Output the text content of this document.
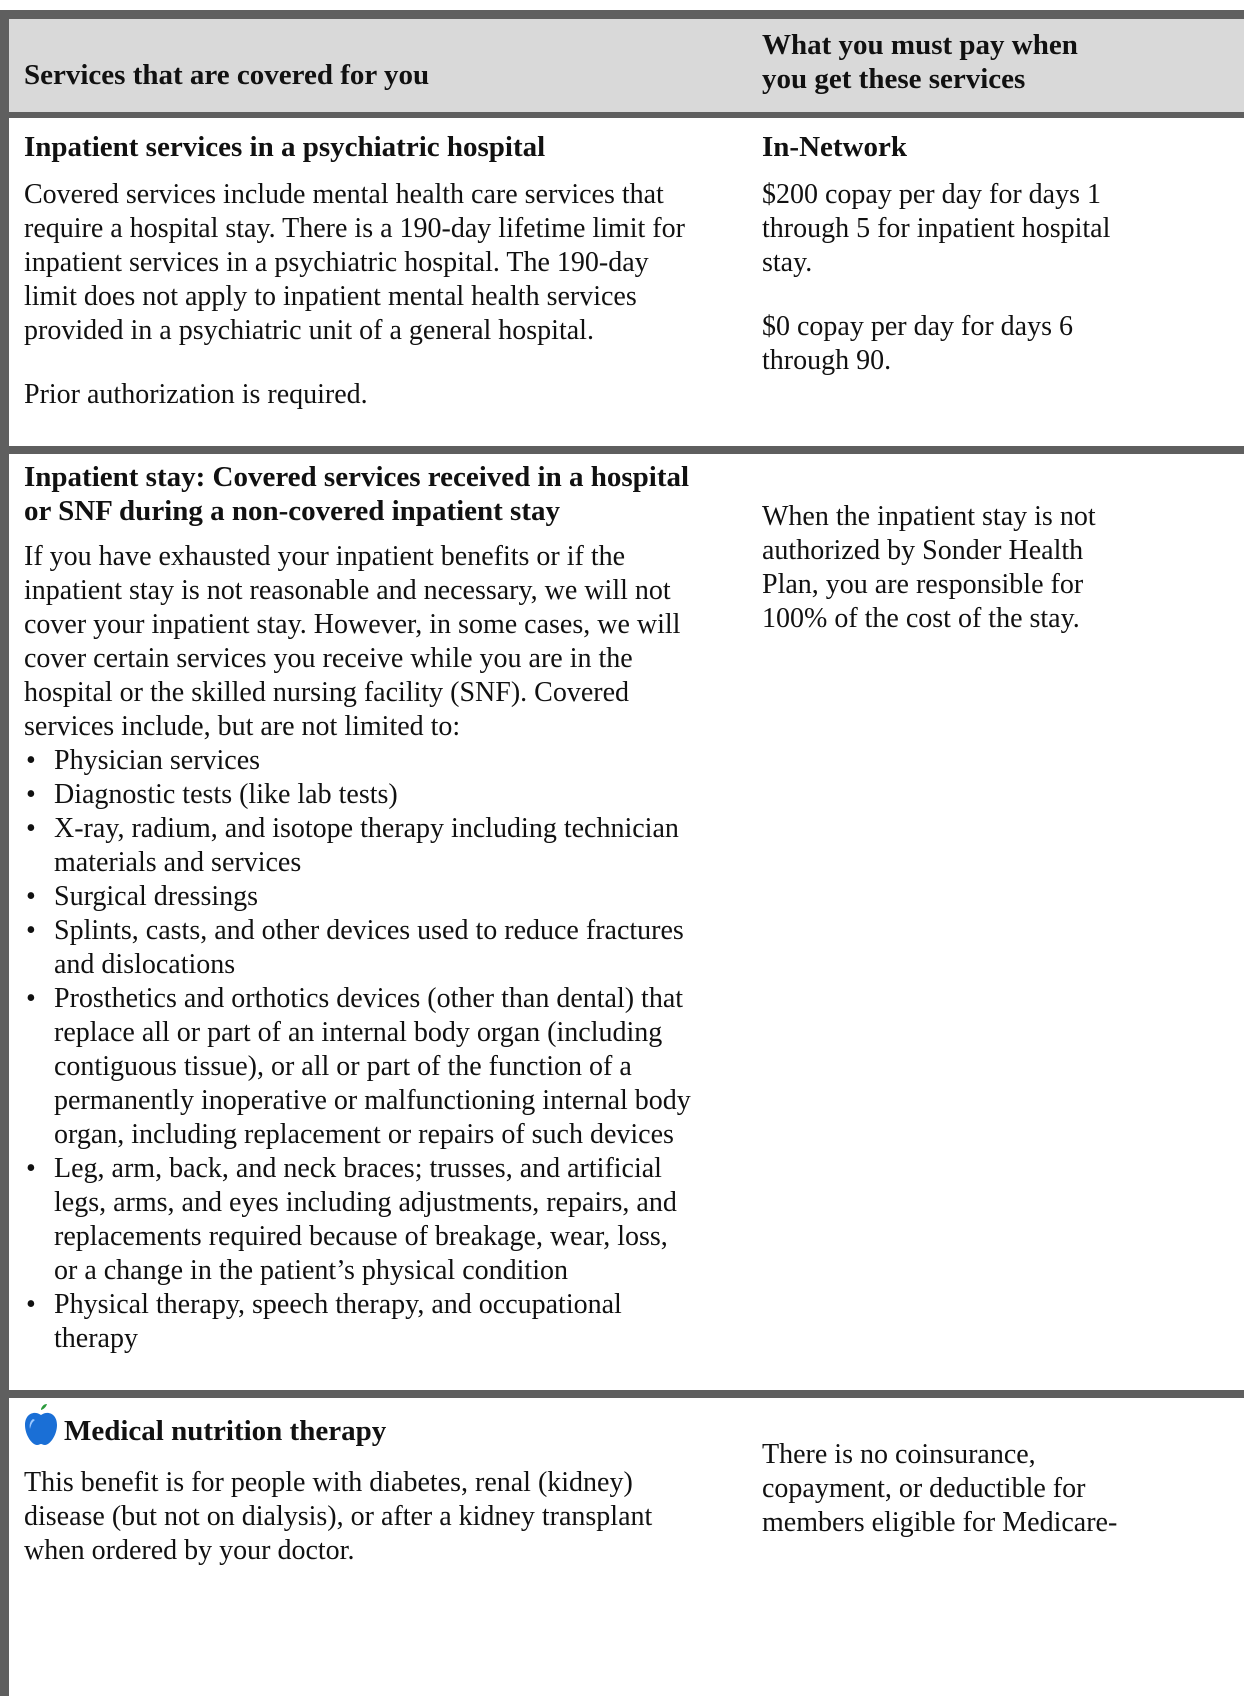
Services that are covered for you
What you must pay when
you get these services
Inpatient services in a psychiatric hospital
Covered services include mental health care services that
require a hospital stay. There is a 190-day lifetime limit for
inpatient services in a psychiatric hospital. The 190-day
limit does not apply to inpatient mental health services
provided in a psychiatric unit of a general hospital.
Prior authorization is required.
In-Network
$200 copay per day for days 1
through 5 for inpatient hospital
stay.
$0 copay per day for days 6
through 90.
Inpatient stay: Covered services received in a hospital
or SNF during a non-covered inpatient stay
If you have exhausted your inpatient benefits or if the
inpatient stay is not reasonable and necessary, we will not
cover your inpatient stay. However, in some cases, we will
cover certain services you receive while you are in the
hospital or the skilled nursing facility (SNF). Covered
services include, but are not limited to:
• Physician services
• Diagnostic tests (like lab tests)
• X-ray, radium, and isotope therapy including technician
materials and services
• Surgical dressings
• Splints, casts, and other devices used to reduce fractures
and dislocations
• Prosthetics and orthotics devices (other than dental) that
replace all or part of an internal body organ (including
contiguous tissue), or all or part of the function of a
permanently inoperative or malfunctioning internal body
organ, including replacement or repairs of such devices
• Leg, arm, back, and neck braces; trusses, and artificial
legs, arms, and eyes including adjustments, repairs, and
replacements required because of breakage, wear, loss,
or a change in the patient’s physical condition
• Physical therapy, speech therapy, and occupational
therapy
When the inpatient stay is not
authorized by Sonder Health
Plan, you are responsible for
100% of the cost of the stay.
Medical nutrition therapy
This benefit is for people with diabetes, renal (kidney)
disease (but not on dialysis), or after a kidney transplant
when ordered by your doctor.
There is no coinsurance,
copayment, or deductible for
members eligible for Medicare-
